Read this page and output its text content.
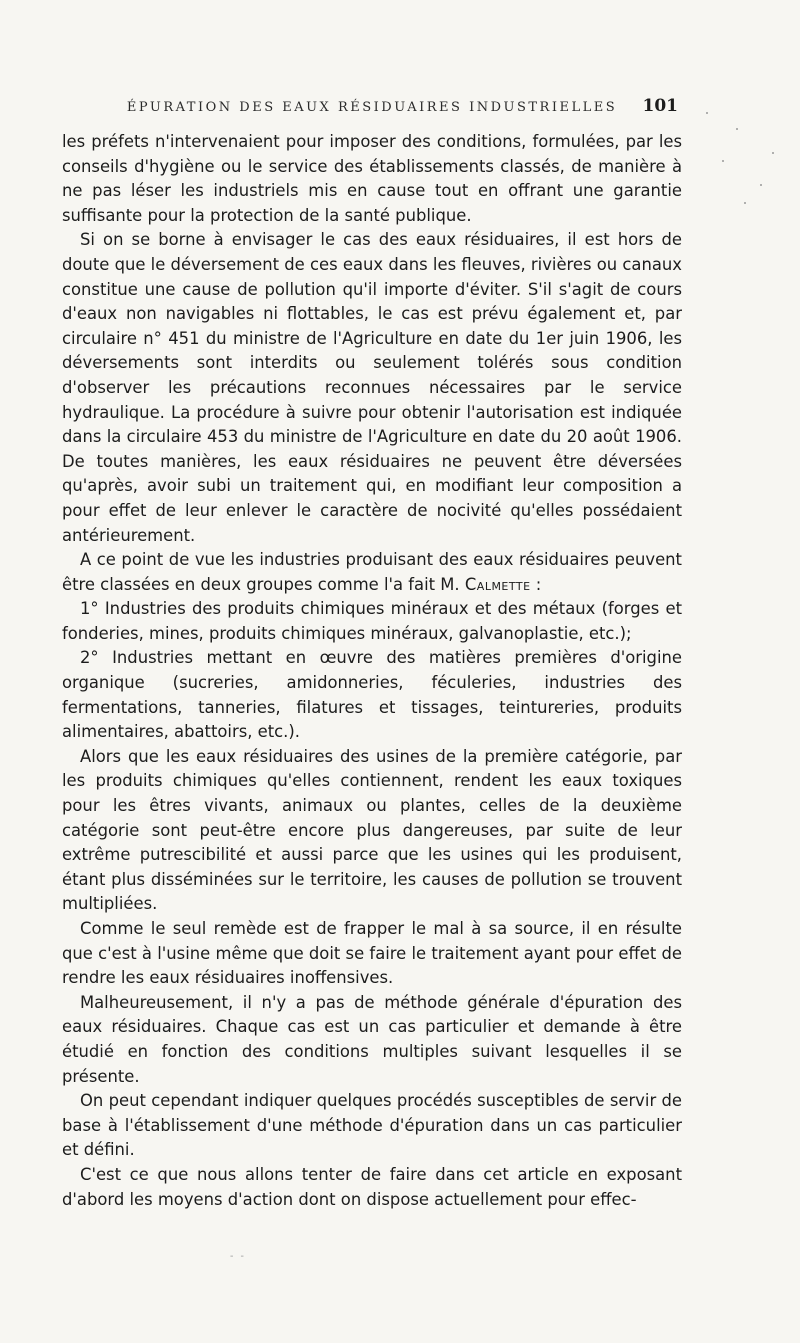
ÉPURATION DES EAUX RÉSIDUAIRES INDUSTRIELLES	101

les préfets n'intervenaient pour imposer des conditions, formulées, par les conseils d'hygiène ou le service des établissements classés, de manière à ne pas léser les industriels mis en cause tout en offrant une garantie suffisante pour la protection de la santé publique.

Si on se borne à envisager le cas des eaux résiduaires, il est hors de doute que le déversement de ces eaux dans les fleuves, rivières ou canaux constitue une cause de pollution qu'il importe d'éviter. S'il s'agit de cours d'eaux non navigables ni flottables, le cas est prévu également et, par circulaire n° 451 du ministre de l'Agriculture en date du 1er juin 1906, les déversements sont interdits ou seulement tolérés sous condition d'observer les précautions reconnues nécessaires par le service hydraulique. La procédure à suivre pour obtenir l'autorisation est indiquée dans la circulaire 453 du ministre de l'Agriculture en date du 20 août 1906. De toutes manières, les eaux résiduaires ne peuvent être déversées qu'après, avoir subi un traitement qui, en modifiant leur composition a pour effet de leur enlever le caractère de nocivité qu'elles possédaient antérieurement.

A ce point de vue les industries produisant des eaux résiduaires peuvent être classées en deux groupes comme l'a fait M. Calmette :

1° Industries des produits chimiques minéraux et des métaux (forges et fonderies, mines, produits chimiques minéraux, galvanoplastie, etc.);

2° Industries mettant en œuvre des matières premières d'origine organique (sucreries, amidonneries, féculeries, industries des fermentations, tanneries, filatures et tissages, teintureries, produits alimentaires, abattoirs, etc.).

Alors que les eaux résiduaires des usines de la première catégorie, par les produits chimiques qu'elles contiennent, rendent les eaux toxiques pour les êtres vivants, animaux ou plantes, celles de la deuxième catégorie sont peut-être encore plus dangereuses, par suite de leur extrême putrescibilité et aussi parce que les usines qui les produisent, étant plus disséminées sur le territoire, les causes de pollution se trouvent multipliées.

Comme le seul remède est de frapper le mal à sa source, il en résulte que c'est à l'usine même que doit se faire le traitement ayant pour effet de rendre les eaux résiduaires inoffensives.

Malheureusement, il n'y a pas de méthode générale d'épuration des eaux résiduaires. Chaque cas est un cas particulier et demande à être étudié en fonction des conditions multiples suivant lesquelles il se présente.

On peut cependant indiquer quelques procédés susceptibles de servir de base à l'établissement d'une méthode d'épuration dans un cas particulier et défini.

C'est ce que nous allons tenter de faire dans cet article en exposant d'abord les moyens d'action dont on dispose actuellement pour effec-

- -
